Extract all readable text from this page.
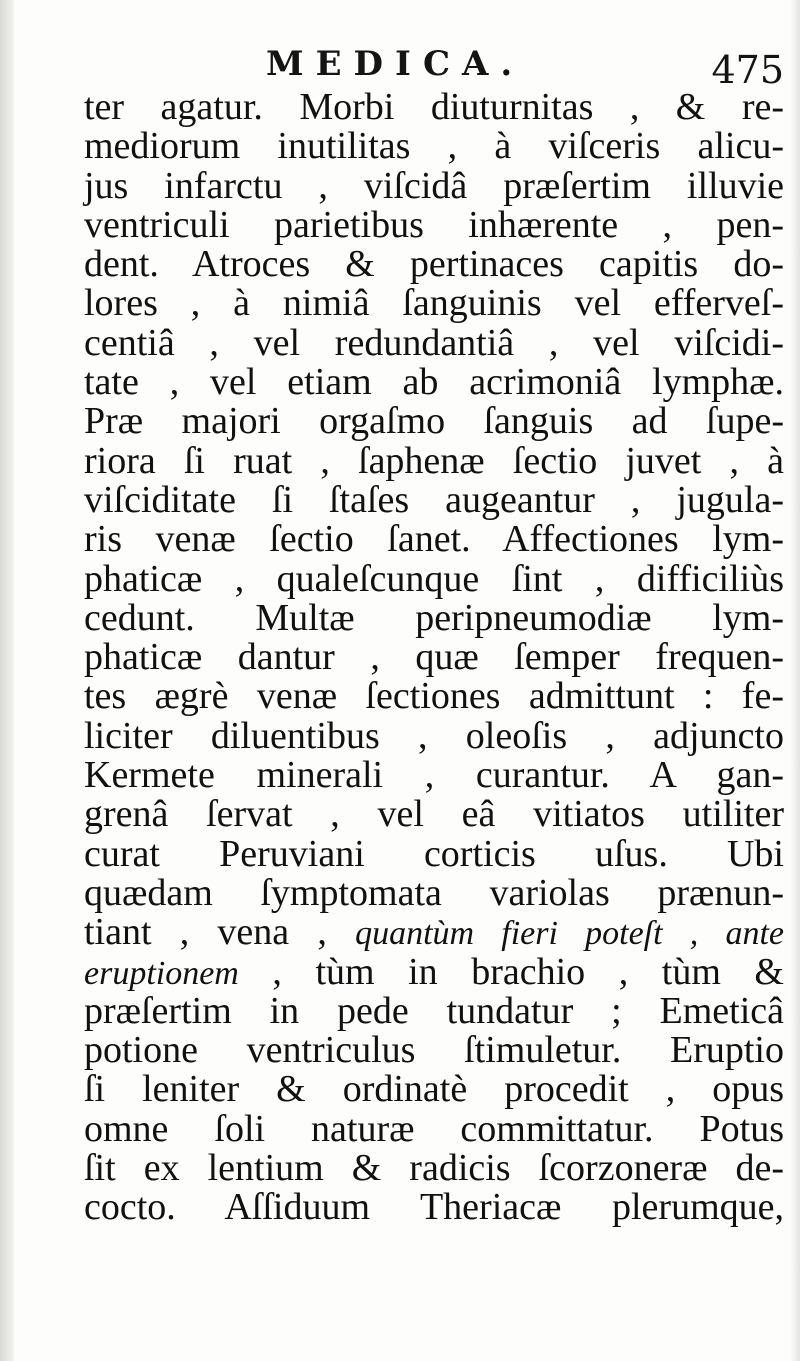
MEDICA.	475
ter agatur. Morbi diuturnitas , & re-
mediorum inutilitas , à viſceris alicu-
jus infarctu , viſcidâ præſertim illuvie
ventriculi parietibus inhærente , pen-
dent. Atroces & pertinaces capitis do-
lores , à nimiâ ſanguinis vel efferveſ-
centiâ , vel redundantiâ , vel viſcidi-
tate , vel etiam ab acrimoniâ lymphæ.
Præ majori orgaſmo ſanguis ad ſupe-
riora ſi ruat , ſaphenæ ſectio juvet , à
viſciditate ſi ſtaſes augeantur , jugula-
ris venæ ſectio ſanet. Affectiones lym-
phaticæ , qualeſcunque ſint , difficiliùs
cedunt. Multæ peripneumodiæ lym-
phaticæ dantur , quæ ſemper frequen-
tes ægrè venæ ſectiones admittunt : fe-
liciter diluentibus , oleoſis , adjuncto
Kermete minerali , curantur. A gan-
grenâ ſervat , vel eâ vitiatos utiliter
curat Peruviani corticis uſus. Ubi
quædam ſymptomata variolas prænun-
tiant , vena , quantùm fieri poteſt , ante
eruptionem , tùm in brachio , tùm &
præſertim in pede tundatur ; Emeticâ
potione ventriculus ſtimuletur. Eruptio
ſi leniter & ordinatè procedit , opus
omne ſoli naturæ committatur. Potus
ſit ex lentium & radicis ſcorzoneræ de-
cocto. Aſſiduum Theriacæ plerumque,
